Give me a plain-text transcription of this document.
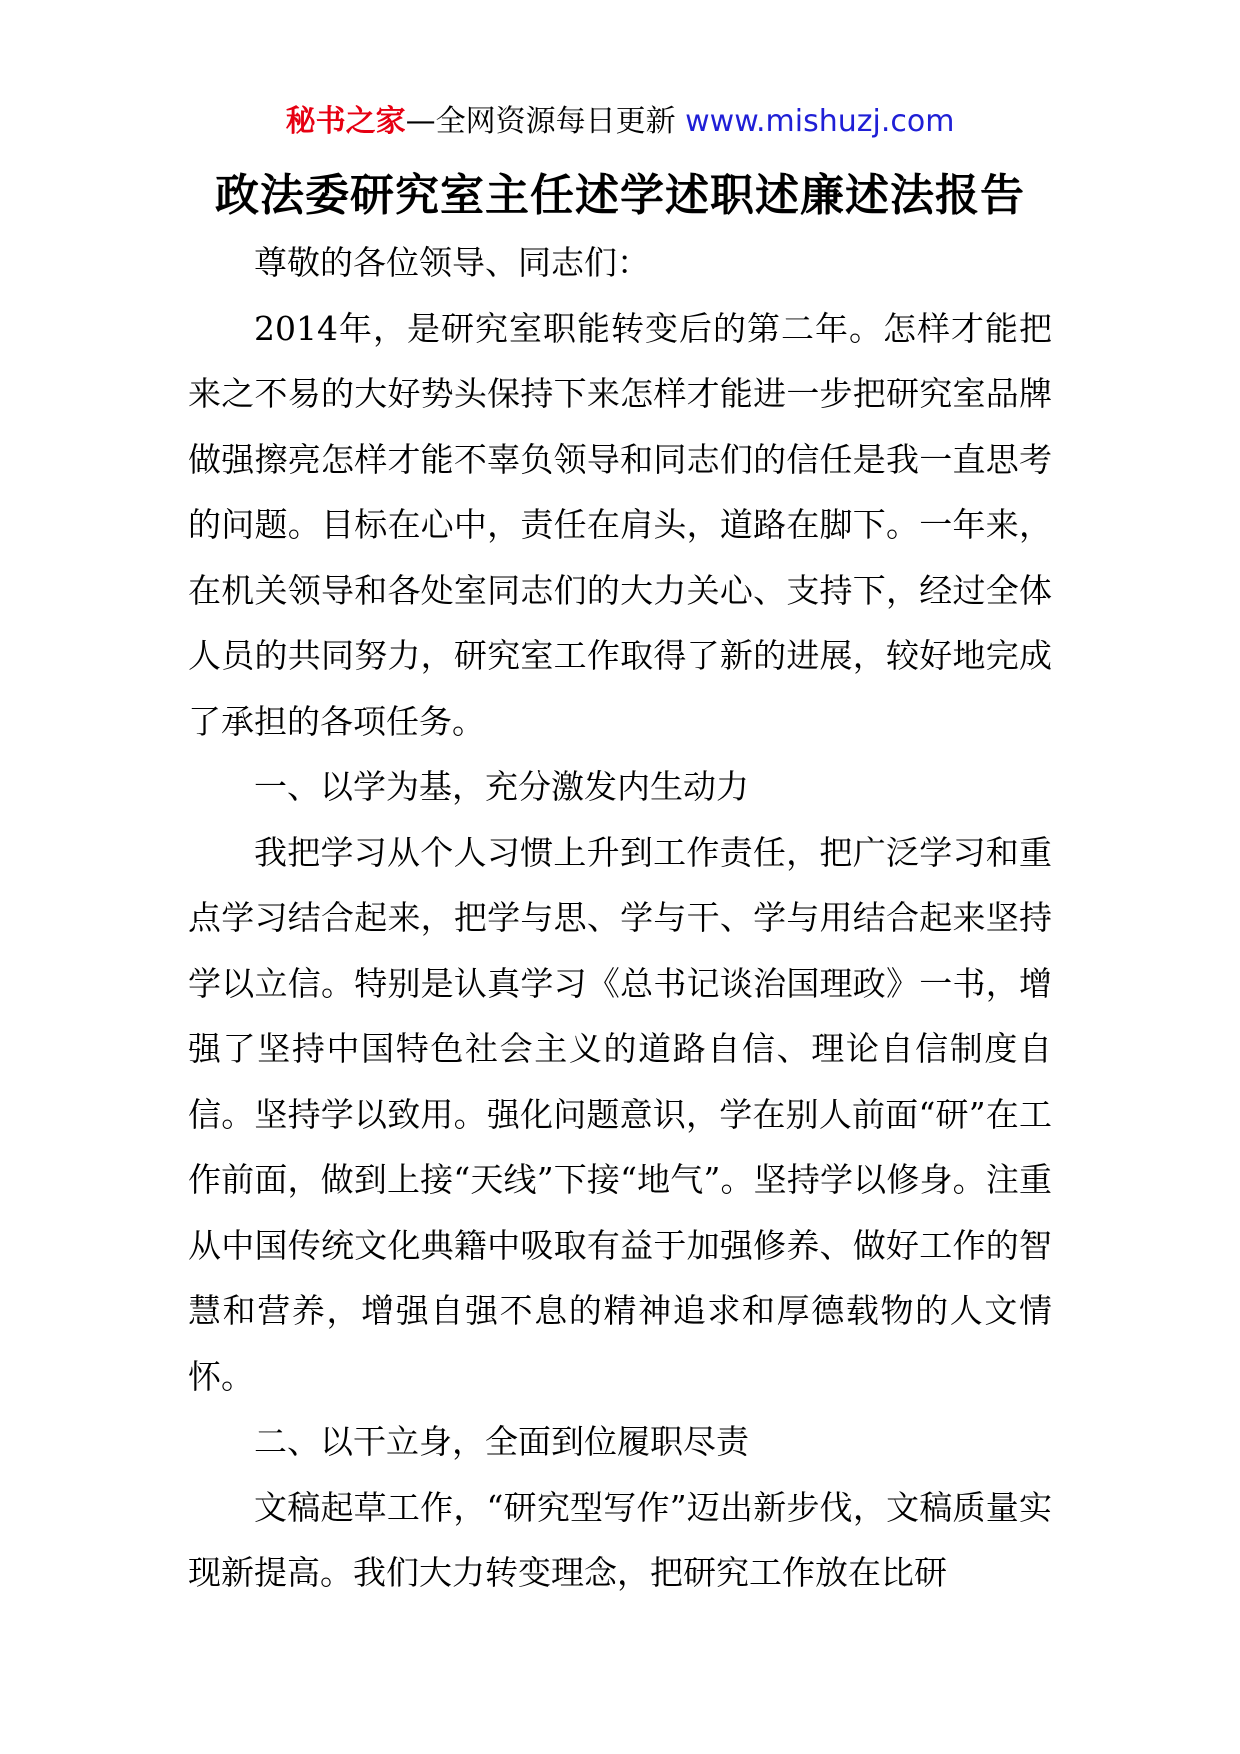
秘书之家—全网资源每日更新 www.mishuzj.com
政法委研究室主任述学述职述廉述法报告

尊敬的各位领导、同志们：

2014年，是研究室职能转变后的第二年。怎样才能把来之不易的大好势头保持下来怎样才能进一步把研究室品牌做强擦亮怎样才能不辜负领导和同志们的信任是我一直思考的问题。目标在心中，责任在肩头，道路在脚下。一年来，在机关领导和各处室同志们的大力关心、支持下，经过全体人员的共同努力，研究室工作取得了新的进展，较好地完成了承担的各项任务。

一、以学为基，充分激发内生动力

我把学习从个人习惯上升到工作责任，把广泛学习和重点学习结合起来，把学与思、学与干、学与用结合起来坚持学以立信。特别是认真学习《总书记谈治国理政》一书，增强了坚持中国特色社会主义的道路自信、理论自信制度自信。坚持学以致用。强化问题意识，学在别人前面“研”在工作前面，做到上接“天线”下接“地气”。坚持学以修身。注重从中国传统文化典籍中吸取有益于加强修养、做好工作的智慧和营养，增强自强不息的精神追求和厚德载物的人文情怀。

二、以干立身，全面到位履职尽责

文稿起草工作，“研究型写作”迈出新步伐，文稿质量实现新提高。我们大力转变理念，把研究工作放在比研
